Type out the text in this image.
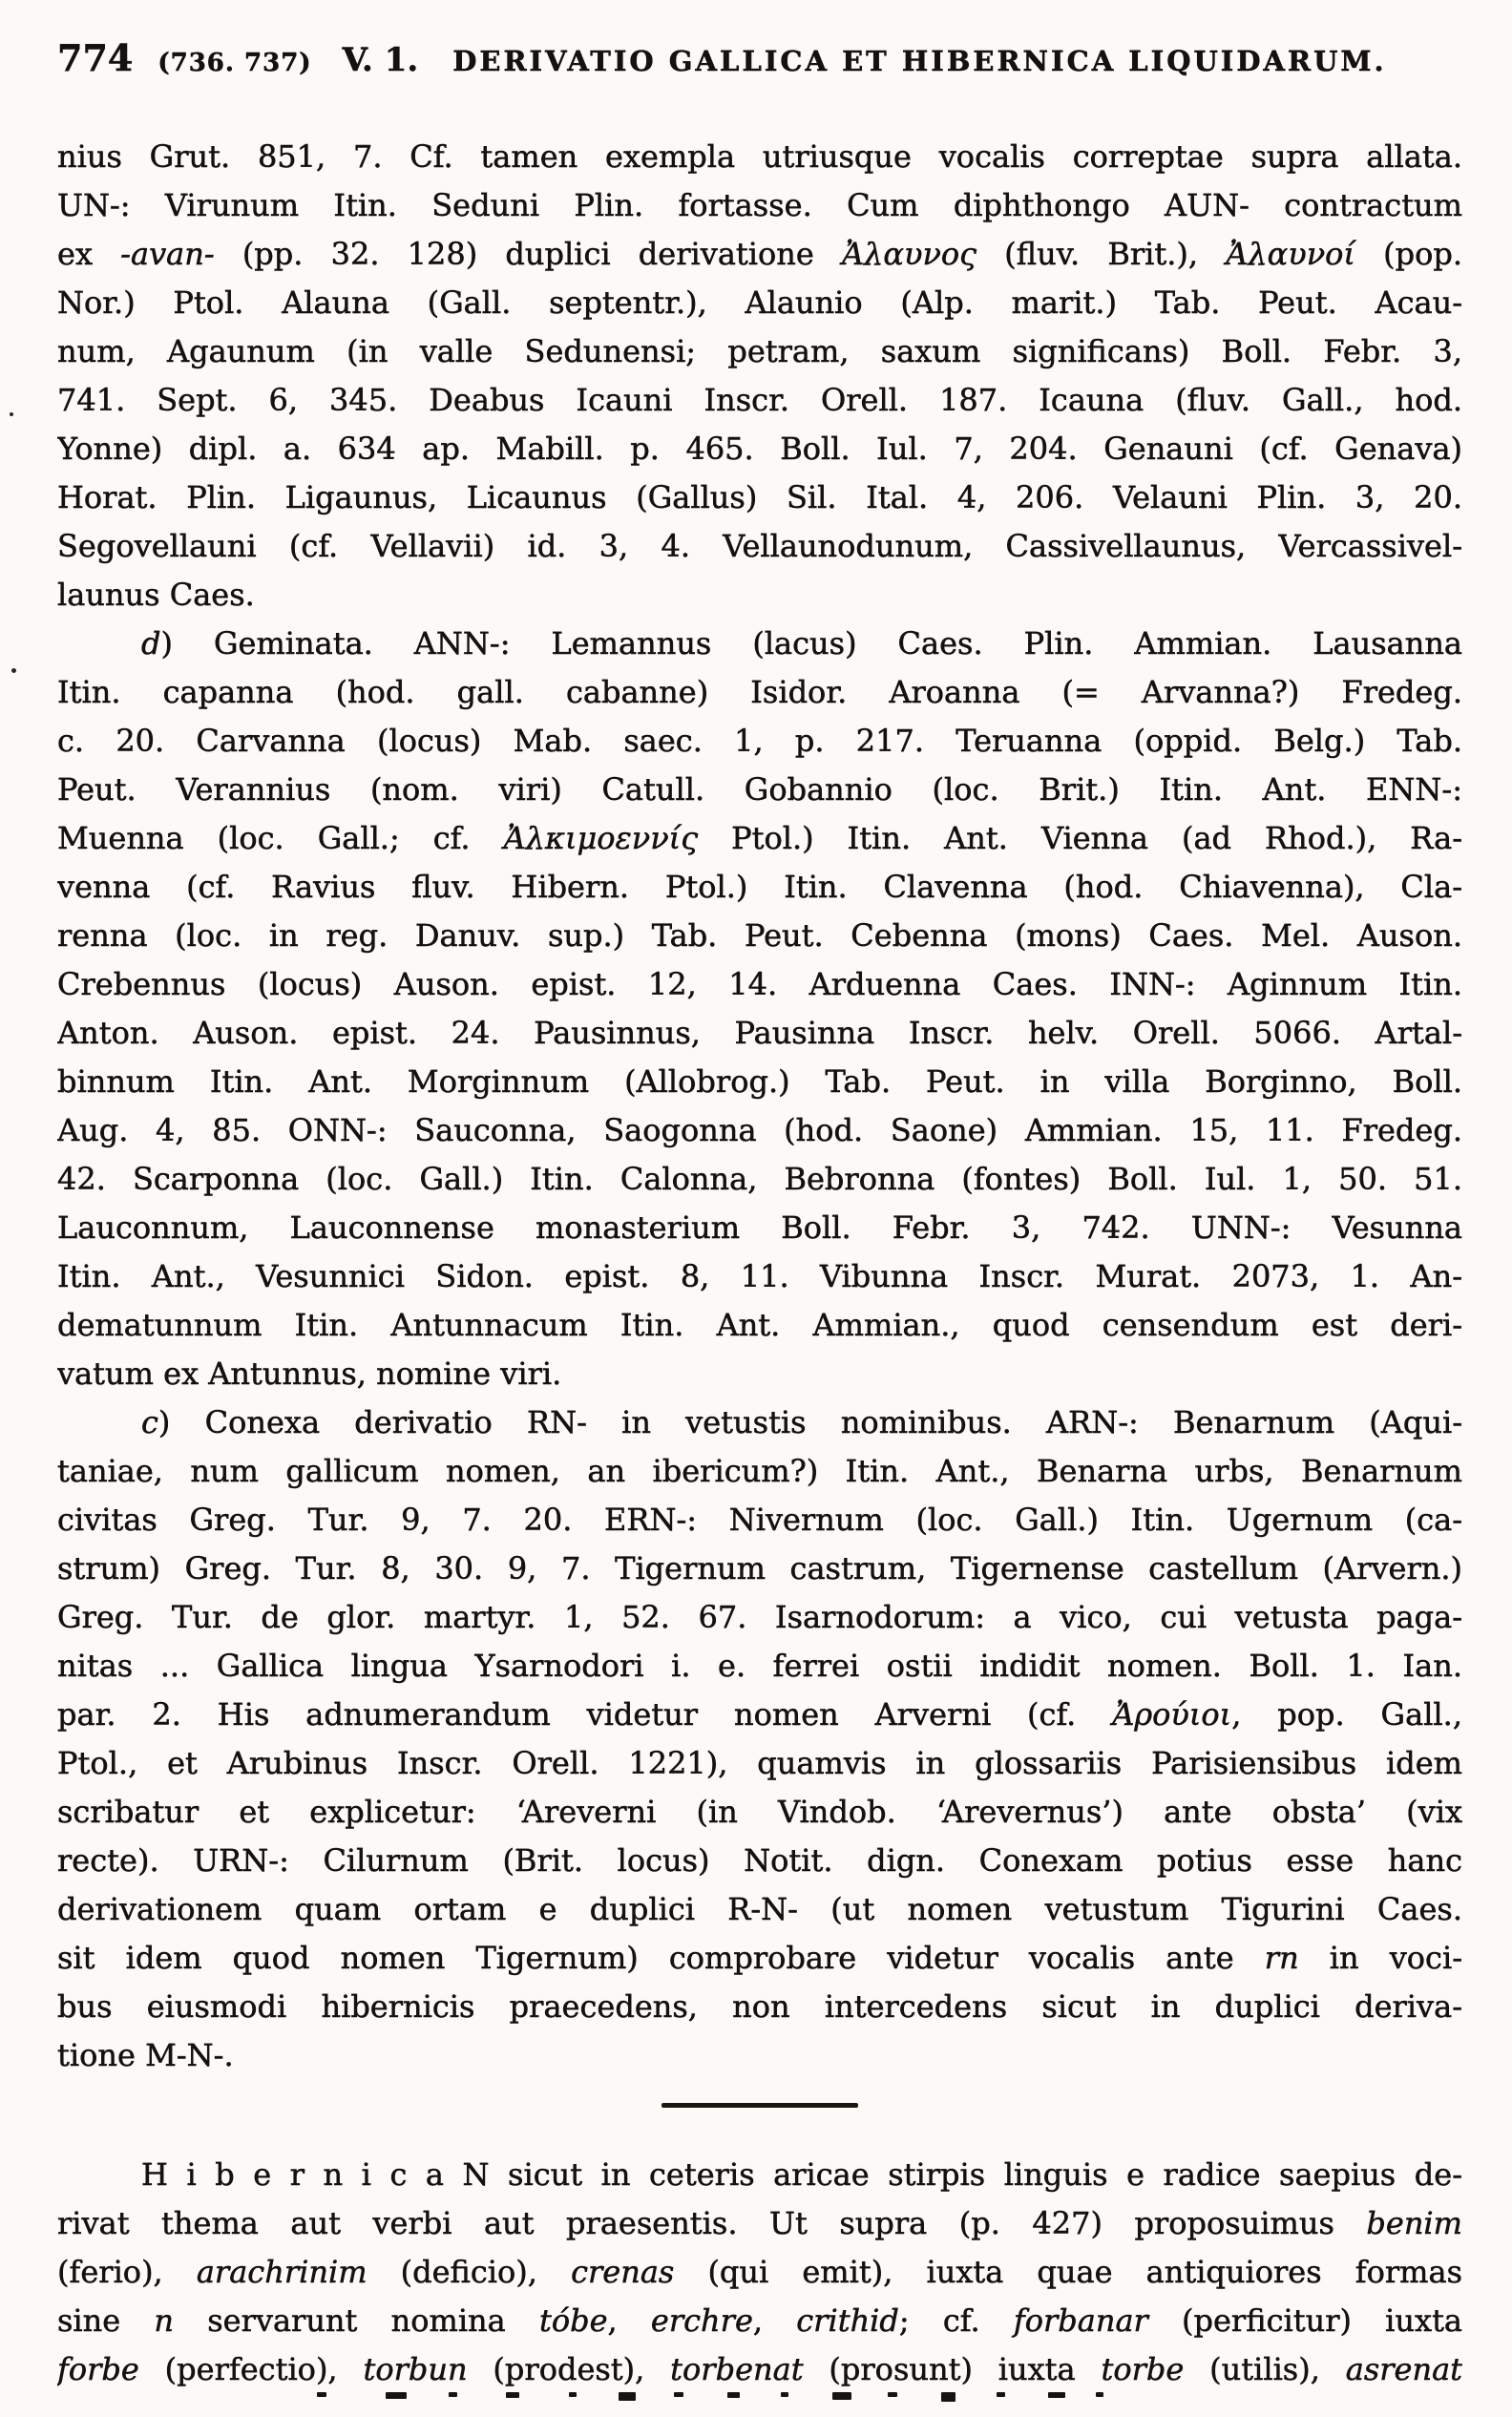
774 (736. 737) V. 1. DERIVATIO GALLICA ET HIBERNICA LIQUIDARUM.
nius Grut. 851, 7. Cf. tamen exempla utriusque vocalis correptae supra allata.
UN-: Virunum Itin. Seduni Plin. fortasse. Cum diphthongo AUN- contractum
ex -avan- (pp. 32. 128) duplici derivatione Ἀλαυνος (fluv. Brit.), Ἀλαυνοί (pop.
Nor.) Ptol. Alauna (Gall. septentr.), Alaunio (Alp. marit.) Tab. Peut. Acau-
num, Agaunum (in valle Sedunensi; petram, saxum significans) Boll. Febr. 3,
741. Sept. 6, 345. Deabus Icauni Inscr. Orell. 187. Icauna (fluv. Gall., hod.
Yonne) dipl. a. 634 ap. Mabill. p. 465. Boll. Iul. 7, 204. Genauni (cf. Genava)
Horat. Plin. Ligaunus, Licaunus (Gallus) Sil. Ital. 4, 206. Velauni Plin. 3, 20.
Segovellauni (cf. Vellavii) id. 3, 4. Vellaunodunum, Cassivellaunus, Vercassivel-
launus Caes.
d) Geminata. ANN-: Lemannus (lacus) Caes. Plin. Ammian. Lausanna
Itin. capanna (hod. gall. cabanne) Isidor. Aroanna (= Arvanna?) Fredeg.
c. 20. Carvanna (locus) Mab. saec. 1, p. 217. Teruanna (oppid. Belg.) Tab.
Peut. Verannius (nom. viri) Catull. Gobannio (loc. Brit.) Itin. Ant. ENN-:
Muenna (loc. Gall.; cf. Ἀλκιμοεννίς Ptol.) Itin. Ant. Vienna (ad Rhod.), Ra-
venna (cf. Ravius fluv. Hibern. Ptol.) Itin. Clavenna (hod. Chiavenna), Cla-
renna (loc. in reg. Danuv. sup.) Tab. Peut. Cebenna (mons) Caes. Mel. Auson.
Crebennus (locus) Auson. epist. 12, 14. Arduenna Caes. INN-: Aginnum Itin.
Anton. Auson. epist. 24. Pausinnus, Pausinna Inscr. helv. Orell. 5066. Artal-
binnum Itin. Ant. Morginnum (Allobrog.) Tab. Peut. in villa Borginno, Boll.
Aug. 4, 85. ONN-: Sauconna, Saogonna (hod. Saone) Ammian. 15, 11. Fredeg.
42. Scarponna (loc. Gall.) Itin. Calonna, Bebronna (fontes) Boll. Iul. 1, 50. 51.
Lauconnum, Lauconnense monasterium Boll. Febr. 3, 742. UNN-: Vesunna
Itin. Ant., Vesunnici Sidon. epist. 8, 11. Vibunna Inscr. Murat. 2073, 1. An-
dematunnum Itin. Antunnacum Itin. Ant. Ammian., quod censendum est deri-
vatum ex Antunnus, nomine viri.
c) Conexa derivatio RN- in vetustis nominibus. ARN-: Benarnum (Aqui-
taniae, num gallicum nomen, an ibericum?) Itin. Ant., Benarna urbs, Benarnum
civitas Greg. Tur. 9, 7. 20. ERN-: Nivernum (loc. Gall.) Itin. Ugernum (ca-
strum) Greg. Tur. 8, 30. 9, 7. Tigernum castrum, Tigernense castellum (Arvern.)
Greg. Tur. de glor. martyr. 1, 52. 67. Isarnodorum: a vico, cui vetusta paga-
nitas ... Gallica lingua Ysarnodori i. e. ferrei ostii indidit nomen. Boll. 1. Ian.
par. 2. His adnumerandum videtur nomen Arverni (cf. Ἀρούιοι, pop. Gall.,
Ptol., et Arubinus Inscr. Orell. 1221), quamvis in glossariis Parisiensibus idem
scribatur et explicetur: ‘Areverni (in Vindob. ‘Arevernus’) ante obsta’ (vix
recte). URN-: Cilurnum (Brit. locus) Notit. dign. Conexam potius esse hanc
derivationem quam ortam e duplici R-N- (ut nomen vetustum Tigurini Caes.
sit idem quod nomen Tigernum) comprobare videtur vocalis ante rn in voci-
bus eiusmodi hibernicis praecedens, non intercedens sicut in duplici deriva-
tione M-N-.
H i b e r n i c a N sicut in ceteris aricae stirpis linguis e radice saepius de-
rivat thema aut verbi aut praesentis. Ut supra (p. 427) proposuimus benim
(ferio), arachrinim (deficio), crenas (qui emit), iuxta quae antiquiores formas
sine n servarunt nomina tóbe, erchre, crithid; cf. forbanar (perficitur) iuxta
forbe (perfectio), torbun (prodest), torbenat (prosunt) iuxta torbe (utilis), asrenat
